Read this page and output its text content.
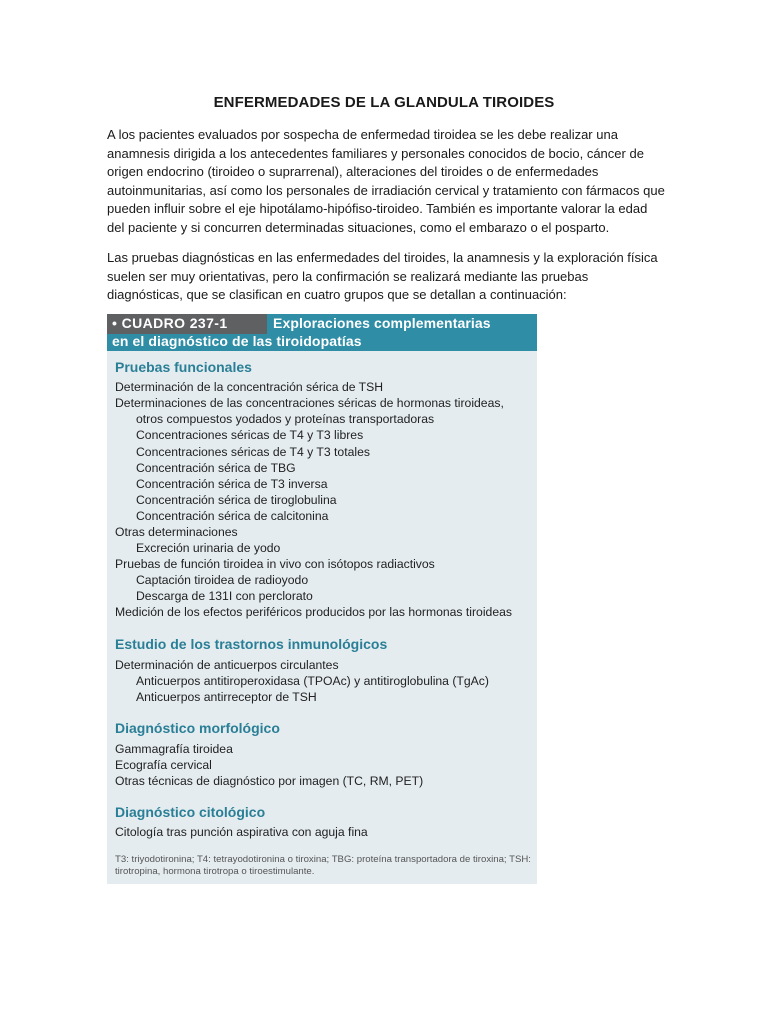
ENFERMEDADES DE LA GLANDULA TIROIDES

A los pacientes evaluados por sospecha de enfermedad tiroidea se les debe realizar una anamnesis dirigida a los antecedentes familiares y personales conocidos de bocio, cáncer de origen endocrino (tiroideo o suprarrenal), alteraciones del tiroides o de enfermedades autoinmunitarias, así como los personales de irradiación cervical y tratamiento con fármacos que pueden influir sobre el eje hipotálamo-hipófiso-tiroideo. También es importante valorar la edad del paciente y si concurren determinadas situaciones, como el embarazo o el posparto.

Las pruebas diagnósticas en las enfermedades del tiroides, la anamnesis y la exploración física suelen ser muy orientativas, pero la confirmación se realizará mediante las pruebas diagnósticas, que se clasifican en cuatro grupos que se detallan a continuación:

• CUADRO 237-1	Exploraciones complementarias
en el diagnóstico de las tiroidopatías
Pruebas funcionales
Determinación de la concentración sérica de TSH
Determinaciones de las concentraciones séricas de hormonas tiroideas,
otros compuestos yodados y proteínas transportadoras
Concentraciones séricas de T4 y T3 libres
Concentraciones séricas de T4 y T3 totales
Concentración sérica de TBG
Concentración sérica de T3 inversa
Concentración sérica de tiroglobulina
Concentración sérica de calcitonina
Otras determinaciones
Excreción urinaria de yodo
Pruebas de función tiroidea in vivo con isótopos radiactivos
Captación tiroidea de radioyodo
Descarga de 131I con perclorato
Medición de los efectos periféricos producidos por las hormonas tiroideas
Estudio de los trastornos inmunológicos
Determinación de anticuerpos circulantes
Anticuerpos antitiroperoxidasa (TPOAc) y antitiroglobulina (TgAc)
Anticuerpos antirreceptor de TSH
Diagnóstico morfológico
Gammagrafía tiroidea
Ecografía cervical
Otras técnicas de diagnóstico por imagen (TC, RM, PET)
Diagnóstico citológico
Citología tras punción aspirativa con aguja fina
T3: triyodotironina; T4: tetrayodotironina o tiroxina; TBG: proteína transportadora de tiroxina; TSH: tirotropina, hormona tirotropa o tiroestimulante.
